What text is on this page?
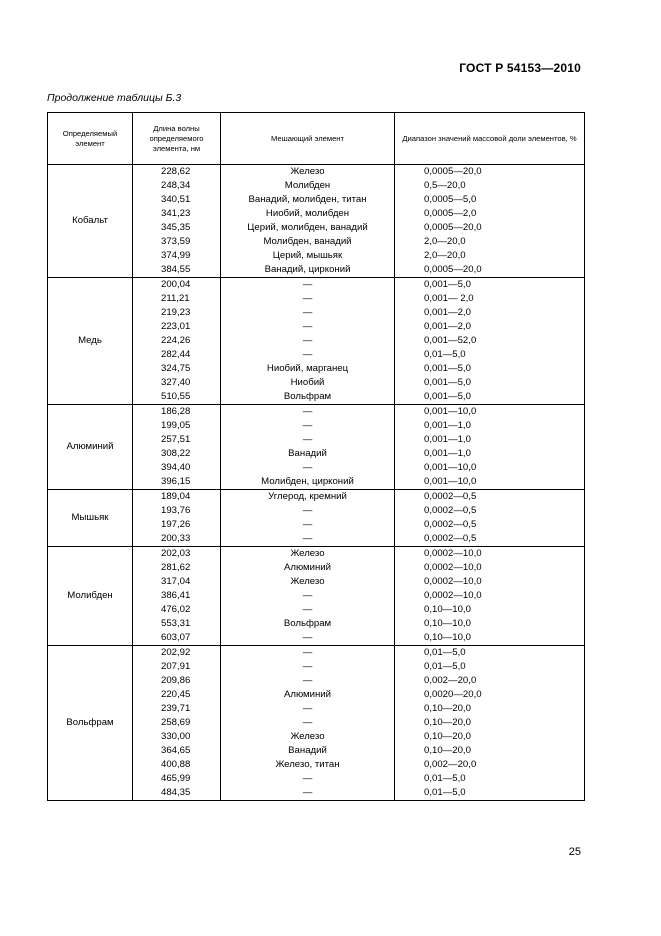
ГОСТ Р 54153—2010
Продолжение таблицы Б.3
Определяемый элемент	Длина волны определяемого элемента, нм	Мешающий элемент	Диапазон значений массовой доли элементов, %
Кобальт	228,62	Железо	0,0005—20,0
	248,34	Молибден	0,5—20,0
	340,51	Ванадий, молибден, титан	0,0005—5,0
	341,23	Ниобий, молибден	0,0005—2,0
	345,35	Церий, молибден, ванадий	0,0005—20,0
	373,59	Молибден, ванадий	2,0—20,0
	374,99	Церий, мышьяк	2,0—20,0
	384,55	Ванадий, цирконий	0,0005—20,0
Медь	200,04	—	0,001—5,0
	211,21	—	0,001— 2,0
	219,23	—	0,001—2,0
	223,01	—	0,001—2,0
	224,26	—	0,001—52,0
	282,44	—	0,01—5,0
	324,75	Ниобий, марганец	0,001—5,0
	327,40	Ниобий	0,001—5,0
	510,55	Вольфрам	0,001—5,0
Алюминий	186,28	—	0,001—10,0
	199,05	—	0,001—1,0
	257,51	—	0,001—1,0
	308,22	Ванадий	0,001—1,0
	394,40	—	0,001—10,0
	396,15	Молибден, цирконий	0,001—10,0
Мышьяк	189,04	Углерод, кремний	0,0002—0,5
	193,76	—	0,0002—0,5
	197,26	—	0,0002—0,5
	200,33	—	0,0002—0,5
Молибден	202,03	Железо	0,0002—10,0
	281,62	Алюминий	0,0002—10,0
	317,04	Железо	0,0002—10,0
	386,41	—	0,0002—10,0
	476,02	—	0,10—10,0
	553,31	Вольфрам	0,10—10,0
	603,07	—	0,10—10,0
Вольфрам	202,92	—	0,01—5,0
	207,91	—	0,01—5,0
	209,86	—	0,002—20,0
	220,45	Алюминий	0,0020—20,0
	239,71	—	0,10—20,0
	258,69	—	0,10—20,0
	330,00	Железо	0,10—20,0
	364,65	Ванадий	0,10—20,0
	400,88	Железо, титан	0,002—20,0
	465,99	—	0,01—5,0
	484,35	—	0,01—5,0
25
